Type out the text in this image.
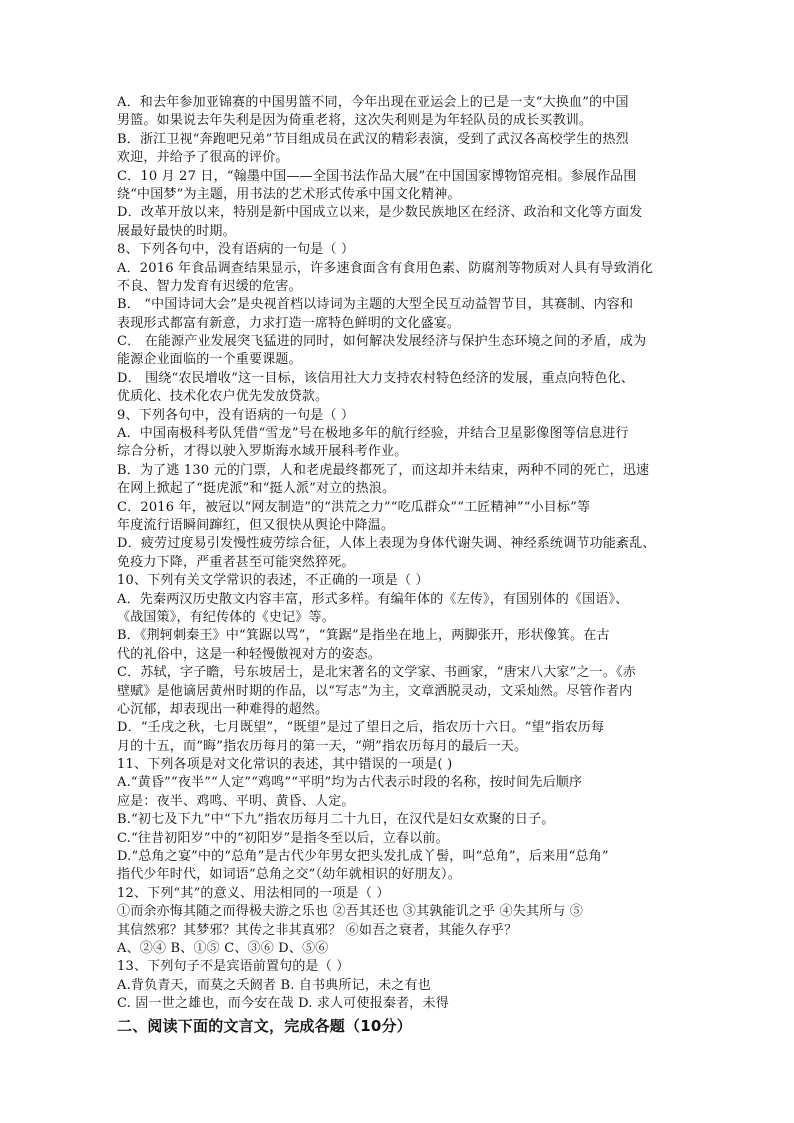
A．和去年参加亚锦赛的中国男篮不同，今年出现在亚运会上的已是一支“大换血”的中国
男篮。如果说去年失利是因为倚重老将，这次失利则是为年轻队员的成长买教训。
B．浙江卫视“奔跑吧兄弟”节目组成员在武汉的精彩表演，受到了武汉各高校学生的热烈
欢迎，并给予了很高的评价。
C．10 月 27 日，“翰墨中国——全国书法作品大展”在中国国家博物馆亮相。参展作品围
绕“中国梦”为主题，用书法的艺术形式传承中国文化精神。
D．改革开放以来，特别是新中国成立以来，是少数民族地区在经济、政治和文化等方面发
展最好最快的时期。
8、下列各句中，没有语病的一句是（ ）
A．2016 年食品调查结果显示，许多速食面含有食用色素、防腐剂等物质对人具有导致消化
不良、智力发育有迟缓的危害。
B． “中国诗词大会”是央视首档以诗词为主题的大型全民互动益智节目，其赛制、内容和
表现形式都富有新意，力求打造一席特色鲜明的文化盛宴。
C． 在能源产业发展突飞猛进的同时，如何解决发展经济与保护生态环境之间的矛盾，成为
能源企业面临的一个重要课题。
D． 围绕“农民增收”这一目标，该信用社大力支持农村特色经济的发展，重点向特色化、
优质化、技术化农户优先发放贷款。
9、下列各句中，没有语病的一句是（ ）
A．中国南极科考队凭借“雪龙”号在极地多年的航行经验，并结合卫星影像图等信息进行
综合分析，才得以驶入罗斯海水域开展科考作业。
B．为了逃 130 元的门票，人和老虎最终都死了，而这却并未结束，两种不同的死亡，迅速
在网上掀起了“挺虎派”和“挺人派”对立的热浪。
C．2016 年，被冠以“网友制造”的“洪荒之力”“吃瓜群众”“工匠精神”“小目标”等
年度流行语瞬间蹿红，但又很快从舆论中降温。
D．疲劳过度易引发慢性疲劳综合征，人体上表现为身体代谢失调、神经系统调节功能紊乱、
免疫力下降，严重者甚至可能突然猝死。
10、下列有关文学常识的表述，不正确的一项是（ ）
A．先秦两汉历史散文内容丰富，形式多样。有编年体的《左传》，有国别体的《国语》、
《战国策》，有纪传体的《史记》等。
B．《荆轲刺秦王》中“箕踞以骂”，“箕踞”是指坐在地上，两脚张开，形状像箕。在古
代的礼俗中，这是一种轻慢傲视对方的姿态。
C．苏轼，字子瞻，号东坡居士，是北宋著名的文学家、书画家，“唐宋八大家”之一。《赤
壁赋》是他谪居黄州时期的作品，以“写志”为主，文章洒脱灵动，文采灿然。尽管作者内
心沉郁，却表现出一种难得的超然。
D．“壬戌之秋，七月既望”，“既望”是过了望日之后，指农历十六日。“望”指农历每
月的十五，而“晦”指农历每月的第一天，“朔”指农历每月的最后一天。
11、下列各项是对文化常识的表述，其中错误的一项是( )
A.“黄昏”“夜半”“人定”“鸡鸣”“平明”均为古代表示时段的名称，按时间先后顺序
应是：夜半、鸡鸣、平明、黄昏、人定。
B.“初七及下九”中“下九”指农历每月二十九日，在汉代是妇女欢聚的日子。
C.“往昔初阳岁”中的“初阳岁”是指冬至以后，立春以前。
D.“总角之宴”中的“总角”是古代少年男女把头发扎成丫髻，叫“总角”，后来用“总角”
指代少年时代，如词语“总角之交”（幼年就相识的好朋友）。
12、下列“其”的意义、用法相同的一项是（ ）
①而余亦悔其随之而得极夫游之乐也 ②吾其还也 ③其孰能讥之乎 ④失其所与 ⑤
其信然邪？其梦邪？其传之非其真邪？ ⑥如吾之衰者，其能久存乎？
A、②④ B、①⑤ C、③⑥ D、⑤⑥
13、下列句子不是宾语前置句的是（ ）
A.背负青天，而莫之夭阏者 B. 自书典所记，未之有也
C. 固一世之雄也，而今安在哉 D. 求人可使报秦者，未得
二、阅读下面的文言文，完成各题（10分）
